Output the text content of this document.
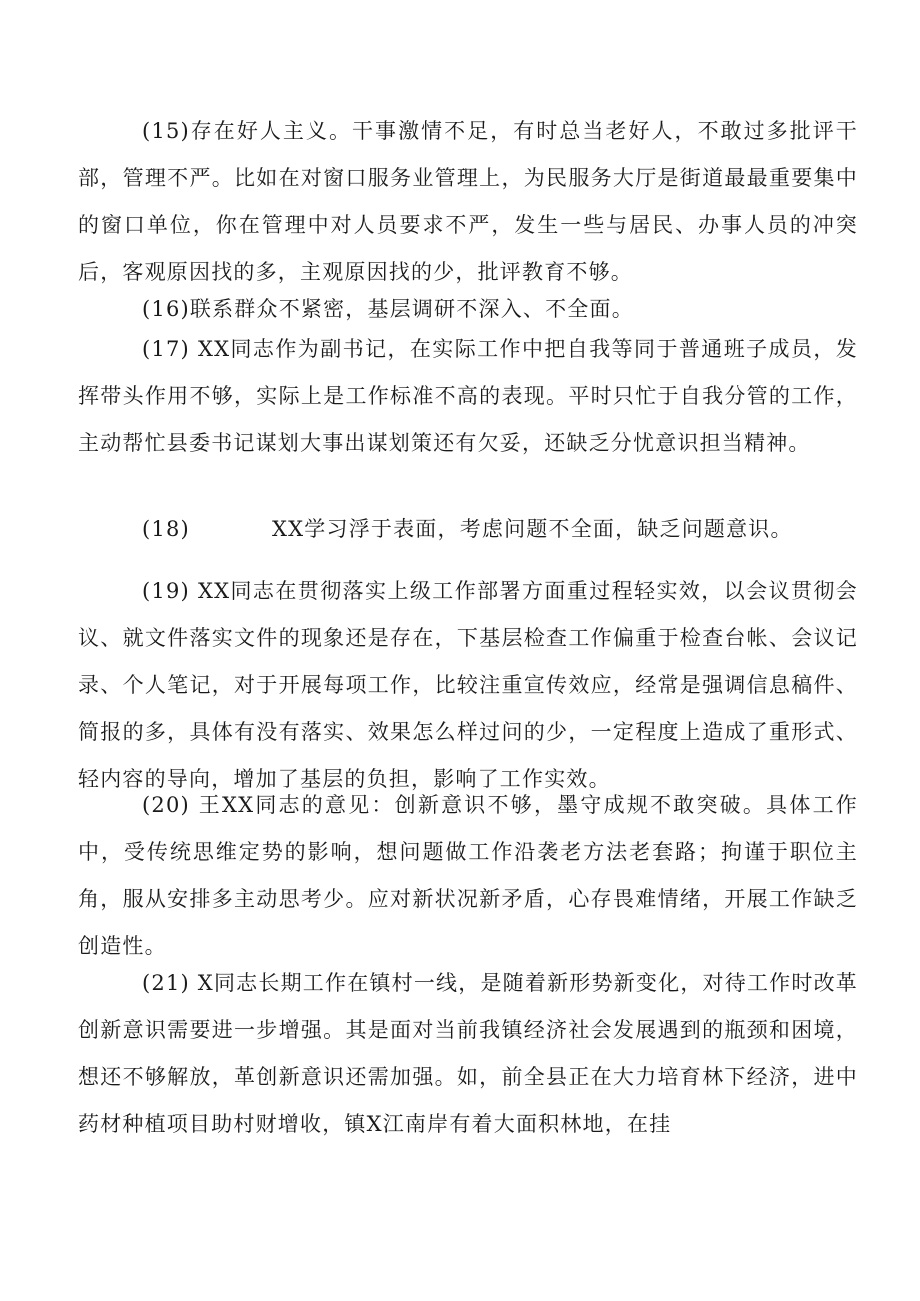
(15)存在好人主义。干事激情不足，有时总当老好人，不敢过多批评干部，管理不严。比如在对窗口服务业管理上，为民服务大厅是街道最最重要集中的窗口单位，你在管理中对人员要求不严，发生一些与居民、办事人员的冲突后，客观原因找的多，主观原因找的少，批评教育不够。

(16)联系群众不紧密，基层调研不深入、不全面。

(17) XX同志作为副书记，在实际工作中把自我等同于普通班子成员，发挥带头作用不够，实际上是工作标准不高的表现。平时只忙于自我分管的工作，主动帮忙县委书记谋划大事出谋划策还有欠妥，还缺乏分忧意识担当精神。

(18)	XX学习浮于表面，考虑问题不全面，缺乏问题意识。

(19) XX同志在贯彻落实上级工作部署方面重过程轻实效，以会议贯彻会议、就文件落实文件的现象还是存在，下基层检查工作偏重于检查台帐、会议记录、个人笔记，对于开展每项工作，比较注重宣传效应，经常是强调信息稿件、简报的多，具体有没有落实、效果怎么样过问的少，一定程度上造成了重形式、轻内容的导向，增加了基层的负担，影响了工作实效。

(20) 王XX同志的意见：创新意识不够，墨守成规不敢突破。具体工作中，受传统思维定势的影响，想问题做工作沿袭老方法老套路；拘谨于职位主角，服从安排多主动思考少。应对新状况新矛盾，心存畏难情绪，开展工作缺乏创造性。

(21) X同志长期工作在镇村一线，是随着新形势新变化，对待工作时改革创新意识需要进一步增强。其是面对当前我镇经济社会发展遇到的瓶颈和困境，想还不够解放，革创新意识还需加强。如，前全县正在大力培育林下经济，进中药材种植项目助村财增收，镇X江南岸有着大面积林地，在挂
